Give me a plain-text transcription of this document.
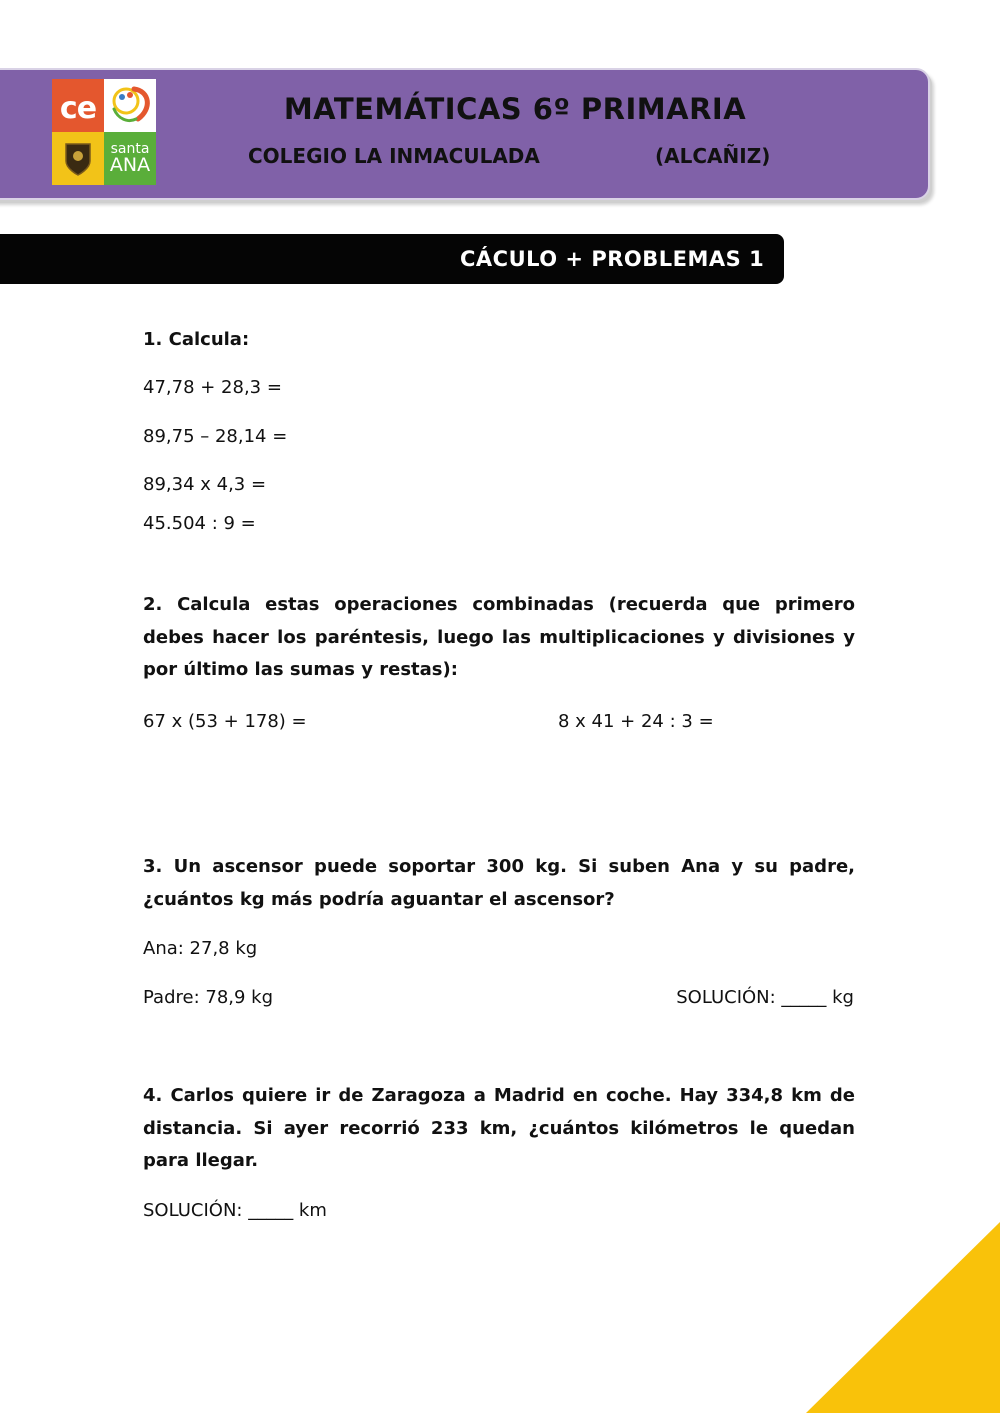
ce
santa
ANA
MATEMÁTICAS 6º PRIMARIA
COLEGIO LA INMACULADA	(ALCAÑIZ)
CÁCULO + PROBLEMAS 1
1. Calcula:
47,78 + 28,3 =
89,75 – 28,14 =
89,34 x 4,3 =
45.504 : 9 =
2. Calcula estas operaciones combinadas (recuerda que primero debes hacer los paréntesis, luego las multiplicaciones y divisiones y por último las sumas y restas):
67 x (53 + 178) =	8 x 41 + 24 : 3 =
3. Un ascensor puede soportar 300 kg. Si suben Ana y su padre, ¿cuántos kg más podría aguantar el ascensor?
Ana: 27,8 kg
Padre: 78,9 kg	SOLUCIÓN: _____ kg
4. Carlos quiere ir de Zaragoza a Madrid en coche. Hay 334,8 km de distancia. Si ayer recorrió 233 km, ¿cuántos kilómetros le quedan para llegar.
SOLUCIÓN: _____ km
